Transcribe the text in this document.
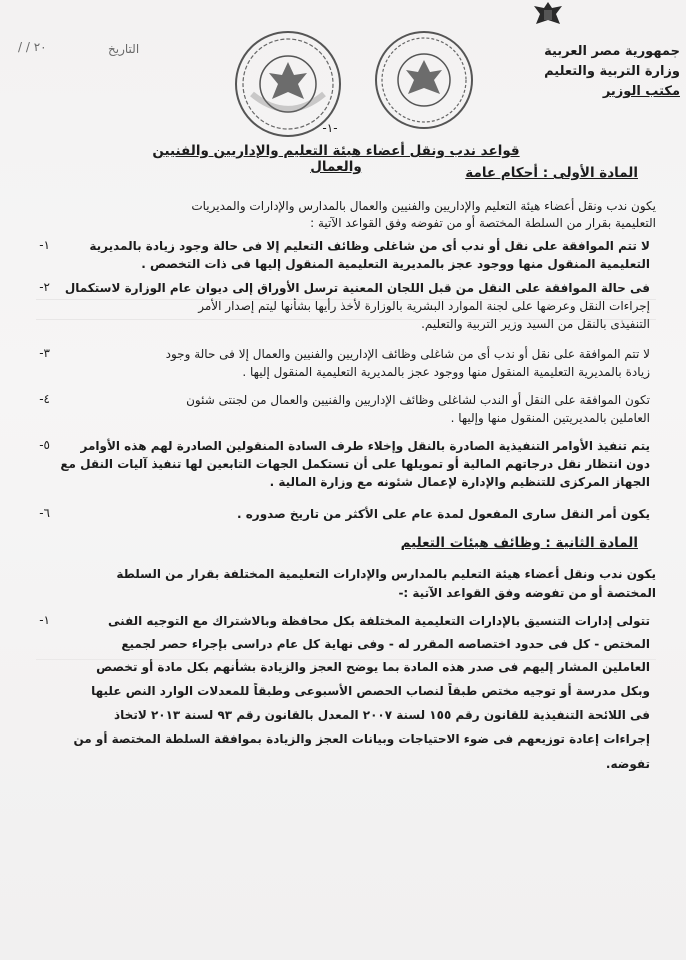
جمهورية مصر العربية
وزارة التربية والتعليم
مكتب الوزير
التاريخ
/ / ٢٠
-١-
قواعد ندب ونقل أعضاء هيئة التعليم والإداريين والفنيين والعمال	المادة الأولى : أحكام عامة
يكون ندب ونقل أعضاء هيئة التعليم والإداريين والفنيين والعمال بالمدارس والإدارات والمديريات
التعليمية بقرار من السلطة المختصة أو من تفوضه وفق القواعد الآتية :
١-	لا تتم الموافقة على نقل أو ندب أى من شاغلى وظائف التعليم إلا فى حالة وجود زيادة بالمديرية
التعليمية المنقول منها ووجود عجز بالمديرية التعليمية المنقول إليها فى ذات التخصص .
٢-	فى حالة الموافقة على النقل من قبل اللجان المعنية ترسل الأوراق إلى ديوان عام الوزارة لاستكمال
إجراءات النقل وعرضها على لجنة الموارد البشرية بالوزارة لأخذ رأيها بشأنها ليتم إصدار الأمر
التنفيذى بالنقل من السيد وزير التربية والتعليم.
٣-	لا تتم الموافقة على نقل أو ندب أى من شاغلى وظائف الإداريين والفنيين والعمال إلا فى حالة وجود
زيادة بالمديرية التعليمية المنقول منها ووجود عجز بالمديرية التعليمية المنقول إليها .
٤-	تكون الموافقة على النقل أو الندب لشاغلى وظائف الإداريين والفنيين والعمال من لجنتى شئون
العاملين بالمديريتين المنقول منها وإليها .
٥-	يتم تنفيذ الأوامر التنفيذية الصادرة بالنقل وإخلاء طرف السادة المنقولين الصادرة لهم هذه الأوامر
دون انتظار نقل درجاتهم المالية أو تمويلها على أن تستكمل الجهات التابعين لها تنفيذ آليات النقل مع
الجهاز المركزى للتنظيم والإدارة لإعمال شئونه مع وزارة المالية .
٦-	يكون أمر النقل سارى المفعول لمدة عام على الأكثر من تاريخ صدوره .
المادة الثانية : وظائف هيئات التعليم
يكون ندب ونقل أعضاء هيئة التعليم بالمدارس والإدارات التعليمية المختلفة بقرار من السلطة
المختصة أو من تفوضه وفق القواعد الآتية :-
١-	تتولى إدارات التنسيق بالإدارات التعليمية المختلفة بكل محافظة وبالاشتراك مع التوجيه الفنى
المختص - كل فى حدود اختصاصه المقرر له - وفى نهاية كل عام دراسى بإجراء حصر لجميع
العاملين المشار إليهم فى صدر هذه المادة بما يوضح العجز والزيادة بشأنهم بكل مادة أو تخصص
وبكل مدرسة أو توجيه مختص طبقاً لنصاب الحصص الأسبوعى وطبقاً للمعدلات الوارد النص عليها
فى اللائحة التنفيذية للقانون رقم ١٥٥ لسنة ٢٠٠٧ المعدل بالقانون رقم ٩٣ لسنة ٢٠١٣ لاتخاذ
إجراءات إعادة توزيعهم فى ضوء الاحتياجات وبيانات العجز والزيادة بموافقة السلطة المختصة أو من
تفوضه.
